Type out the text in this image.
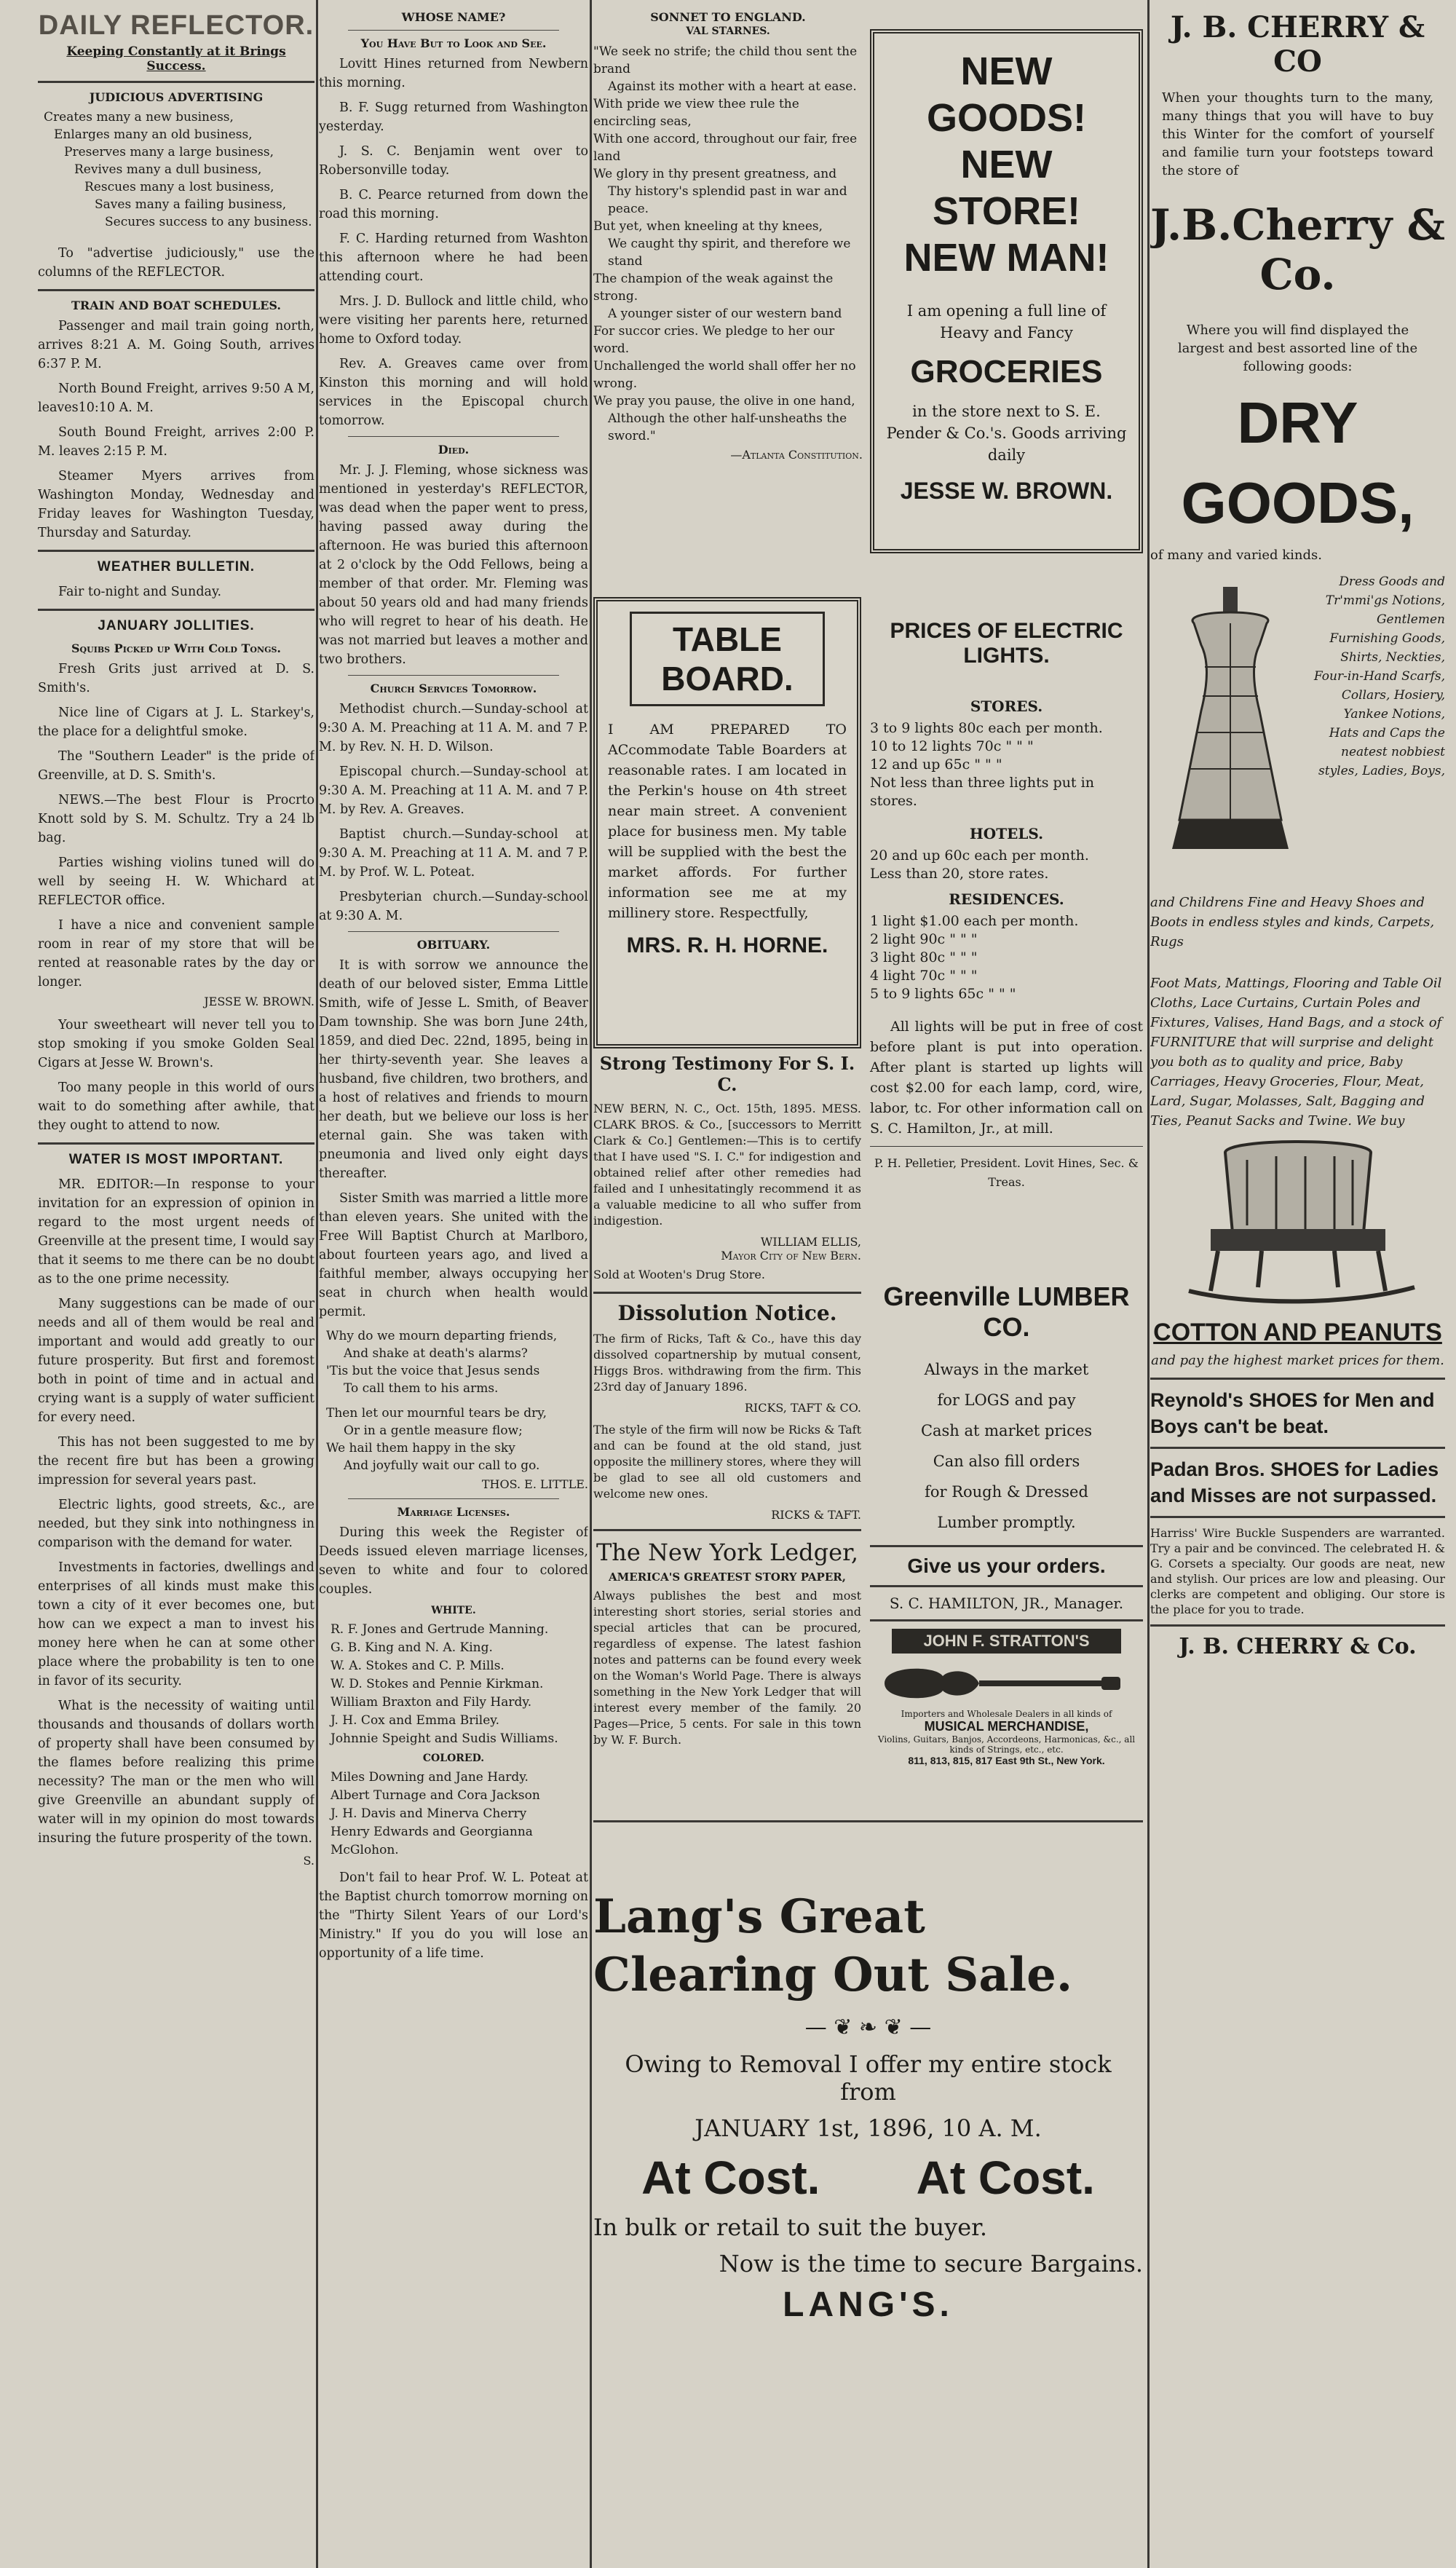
DAILY REFLECTOR.
Keeping Constantly at it Brings Success.
JUDICIOUS ADVERTISING

Creates many a new business,

Enlarges many an old business,

Preserves many a large business,

Revives many a dull business,

Rescues many a lost business,

Saves many a failing business,

Secures success to any business.

To "advertise judiciously," use the columns of the REFLECTOR.

TRAIN AND BOAT SCHEDULES.

Passenger and mail train going north, arrives 8:21 A. M. Going South, arrives 6:37 P. M.

North Bound Freight, arrives 9:50 A M, leaves10:10 A. M.

South Bound Freight, arrives 2:00 P. M. leaves 2:15 P. M.

Steamer Myers arrives from Washington Monday, Wednesday and Friday leaves for Washington Tuesday, Thursday and Saturday.

WEATHER BULLETIN.

Fair to-night and Sunday.

JANUARY JOLLITIES.
Squibs Picked up With Cold Tongs.

Fresh Grits just arrived at D. S. Smith's.

Nice line of Cigars at J. L. Starkey's, the place for a delightful smoke.

The "Southern Leader" is the pride of Greenville, at D. S. Smith's.

NEWS.—The best Flour is Procrto Knott sold by S. M. Schultz. Try a 24 lb bag.

Parties wishing violins tuned will do well by seeing H. W. Whichard at REFLECTOR office.

I have a nice and convenient sample room in rear of my store that will be rented at reasonable rates by the day or longer.

JESSE W. BROWN.

Your sweetheart will never tell you to stop smoking if you smoke Golden Seal Cigars at Jesse W. Brown's.

Too many people in this world of ours wait to do something after awhile, that they ought to attend to now.

WATER IS MOST IMPORTANT.

MR. EDITOR:—In response to your invitation for an expression of opinion in regard to the most urgent needs of Greenville at the present time, I would say that it seems to me there can be no doubt as to the one prime necessity.

Many suggestions can be made of our needs and all of them would be real and important and would add greatly to our future prosperity. But first and foremost both in point of time and in actual and crying want is a supply of water sufficient for every need.

This has not been suggested to me by the recent fire but has been a growing impression for several years past.

Electric lights, good streets, &c., are needed, but they sink into nothingness in comparison with the demand for water.

Investments in factories, dwellings and enterprises of all kinds must make this town a city of it ever becomes one, but how can we expect a man to invest his money here when he can at some other place where the probability is ten to one in favor of its security.

What is the necessity of waiting until thousands and thousands of dollars worth of property shall have been consumed by the flames before realizing this prime necessity? The man or the men who will give Greenville an abundant supply of water will in my opinion do most towards insuring the future prosperity of the town.

S.
WHOSE NAME?
You Have But to Look and See.

Lovitt Hines returned from Newbern this morning.

B. F. Sugg returned from Washington yesterday.

J. S. C. Benjamin went over to Robersonville today.

B. C. Pearce returned from down the road this morning.

F. C. Harding returned from Washton this afternoon where he had been attending court.

Mrs. J. D. Bullock and little child, who were visiting her parents here, returned home to Oxford today.

Rev. A. Greaves came over from Kinston this morning and will hold services in the Episcopal church tomorrow.

Died.

Mr. J. J. Fleming, whose sickness was mentioned in yesterday's REFLECTOR, was dead when the paper went to press, having passed away during the afternoon. He was buried this afternoon at 2 o'clock by the Odd Fellows, being a member of that order. Mr. Fleming was about 50 years old and had many friends who will regret to hear of his death. He was not married but leaves a mother and two brothers.

Church Services Tomorrow.

Methodist church.—Sunday-school at 9:30 A. M. Preaching at 11 A. M. and 7 P. M. by Rev. N. H. D. Wilson.

Episcopal church.—Sunday-school at 9:30 A. M. Preaching at 11 A. M. and 7 P. M. by Rev. A. Greaves.

Baptist church.—Sunday-school at 9:30 A. M. Preaching at 11 A. M. and 7 P. M. by Prof. W. L. Poteat.

Presbyterian church.—Sunday-school at 9:30 A. M.

OBITUARY.

It is with sorrow we announce the death of our beloved sister, Emma Little Smith, wife of Jesse L. Smith, of Beaver Dam township. She was born June 24th, 1859, and died Dec. 22nd, 1895, being in her thirty-seventh year. She leaves a husband, five children, two brothers, and a host of relatives and friends to mourn her death, but we believe our loss is her eternal gain. She was taken with pneumonia and lived only eight days thereafter.

Sister Smith was married a little more than eleven years. She united with the Free Will Baptist Church at Marlboro, about fourteen years ago, and lived a faithful member, always occupying her seat in church when health would permit.

Why do we mourn departing friends,

And shake at death's alarms?

'Tis but the voice that Jesus sends

To call them to his arms.

Then let our mournful tears be dry,

Or in a gentle measure flow;

We hail them happy in the sky

And joyfully wait our call to go.

THOS. E. LITTLE.
Marriage Licenses.

During this week the Register of Deeds issued eleven marriage licenses, seven to white and four to colored couples.

WHITE.

R. F. Jones and Gertrude Manning.

G. B. King and N. A. King.

W. A. Stokes and C. P. Mills.

W. D. Stokes and Pennie Kirkman.

William Braxton and Fily Hardy.

J. H. Cox and Emma Briley.

Johnnie Speight and Sudis Williams.

COLORED.

Miles Downing and Jane Hardy.

Albert Turnage and Cora Jackson

J. H. Davis and Minerva Cherry

Henry Edwards and Georgianna McGlohon.

Don't fail to hear Prof. W. L. Poteat at the Baptist church tomorrow morning on the "Thirty Silent Years of our Lord's Ministry." If you do you will lose an opportunity of a life time.

SONNET TO ENGLAND.
VAL STARNES.

"We seek no strife; the child thou sent the brand

Against its mother with a heart at ease.

With pride we view thee rule the encircling seas,

With one accord, throughout our fair, free land

We glory in thy present greatness, and

Thy history's splendid past in war and peace.

But yet, when kneeling at thy knees,

We caught thy spirit, and therefore we stand

The champion of the weak against the strong.

A younger sister of our western band

For succor cries. We pledge to her our word.

Unchallenged the world shall offer her no wrong.

We pray you pause, the olive in one hand,

Although the other half-unsheaths the sword."

—Atlanta Constitution.
NEW GOODS!
NEW STORE!
NEW MAN!

I am opening a full line of Heavy and Fancy

GROCERIES

in the store next to S. E. Pender & Co.'s. Goods arriving daily

JESSE W. BROWN.
TABLE BOARD.

I AM PREPARED TO ACcommodate Table Boarders at reasonable rates. I am located in the Perkin's house on 4th street near main street. A convenient place for business men. My table will be supplied with the best the market affords. For further information see me at my millinery store. Respectfully,

MRS. R. H. HORNE.
PRICES OF ELECTRIC LIGHTS.
STORES.

3 to 9 lights 80c each per month.

10 to 12 lights 70c " " "

12 and up 65c " " "

Not less than three lights put in stores.

HOTELS.

20 and up 60c each per month.

Less than 20, store rates.

RESIDENCES.

1 light $1.00 each per month.

2 light 90c " " "

3 light 80c " " "

4 light 70c " " "

5 to 9 lights 65c " " "

All lights will be put in free of cost before plant is put into operation. After plant is started up lights will cost $2.00 for each lamp, cord, wire, labor, tc. For other information call on S. C. Hamilton, Jr., at mill.

P. H. Pelletier, President. Lovit Hines, Sec. & Treas.

Strong Testimony For S. I. C.

NEW BERN, N. C., Oct. 15th, 1895. MESS. CLARK BROS. & Co., [successors to Merritt Clark & Co.] Gentlemen:—This is to certify that I have used "S. I. C." for indigestion and obtained relief after other remedies had failed and I unhesitatingly recommend it as a valuable medicine to all who suffer from indigestion.

WILLIAM ELLIS,
Mayor City of New Bern.

Sold at Wooten's Drug Store.

Dissolution Notice.

The firm of Ricks, Taft & Co., have this day dissolved copartnership by mutual consent, Higgs Bros. withdrawing from the firm. This 23rd day of January 1896.

RICKS, TAFT & CO.

The style of the firm will now be Ricks & Taft and can be found at the old stand, just opposite the millinery stores, where they will be glad to see all old customers and welcome new ones.

RICKS & TAFT.
The New York Ledger,
AMERICA'S GREATEST STORY PAPER,

Always publishes the best and most interesting short stories, serial stories and special articles that can be procured, regardless of expense. The latest fashion notes and patterns can be found every week on the Woman's World Page. There is always something in the New York Ledger that will interest every member of the family. 20 Pages—Price, 5 cents. For sale in this town by W. F. Burch.

Greenville LUMBER CO.

Always in the market

for LOGS and pay

Cash at market prices

Can also fill orders

for Rough & Dressed

Lumber promptly.

Give us your orders.
S. C. HAMILTON, JR., Manager.
JOHN F. STRATTON'S
Importers and Wholesale Dealers in all kinds of
MUSICAL MERCHANDISE,
Violins, Guitars, Banjos, Accordeons, Harmonicas, &c., all kinds of Strings, etc., etc.
811, 813, 815, 817 East 9th St., New York.
Lang's Great
Clearing Out Sale.
— ❦ ❧ ❦ —
Owing to Removal I offer my entire stock from
JANUARY 1st, 1896, 10 A. M.
At Cost. At Cost.
In bulk or retail to suit the buyer.
Now is the time to secure Bargains.
LANG'S.
J. B. CHERRY & CO

When your thoughts turn to the many, many things that you will have to buy this Winter for the comfort of yourself and familie turn your footsteps toward the store of

J.B.Cherry & Co.

Where you will find displayed the largest and best assorted line of the following goods:

DRY GOODS,

of many and varied kinds.

Dress Goods and Tr'mmi'gs Notions, Gentlemen Furnishing Goods, Shirts, Neckties, Four-in-Hand Scarfs, Collars, Hosiery, Yankee Notions, Hats and Caps the neatest nobbiest styles, Ladies, Boys,

and Childrens Fine and Heavy Shoes and Boots in endless styles and kinds, Carpets, Rugs

Foot Mats, Mattings, Flooring and Table Oil Cloths, Lace Curtains, Curtain Poles and Fixtures, Valises, Hand Bags, and a stock of FURNITURE that will surprise and delight you both as to quality and price, Baby Carriages, Heavy Groceries, Flour, Meat, Lard, Sugar, Molasses, Salt, Bagging and Ties, Peanut Sacks and Twine. We buy

COTTON AND PEANUTS

and pay the highest market prices for them.

Reynold's SHOES for Men and Boys can't be beat.

Padan Bros. SHOES for Ladies and Misses are not surpassed.

Harriss' Wire Buckle Suspenders are warranted. Try a pair and be convinced. The celebrated H. & G. Corsets a specialty. Our goods are neat, new and stylish. Our prices are low and pleasing. Our clerks are competent and obliging. Our store is the place for you to trade.

J. B. CHERRY & Co.
